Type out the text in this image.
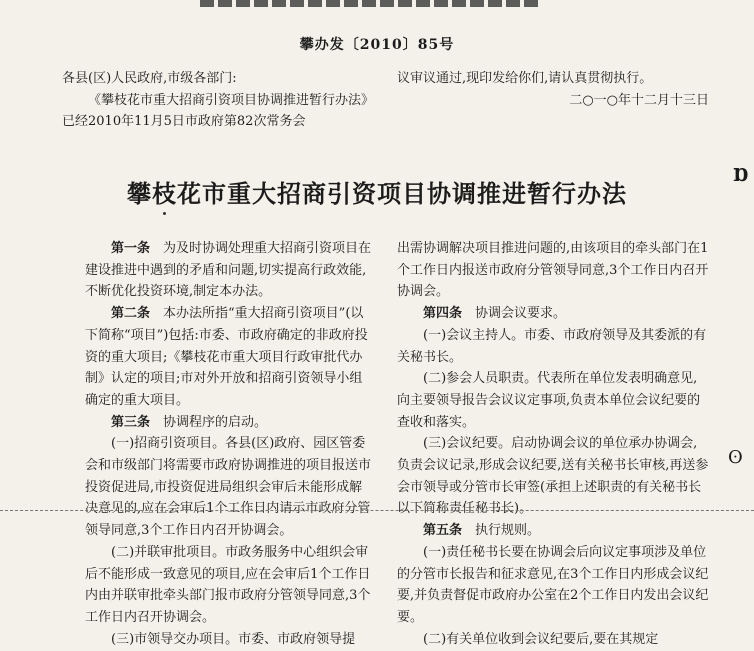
攀办发〔2010〕85号

各县(区)人民政府,市级各部门:

《攀枝花市重大招商引资项目协调推进暂行办法》已经2010年11月5日市政府第82次常务会

议审议通过,现印发给你们,请认真贯彻执行。

二○一○年十二月十三日

攀枝花市重大招商引资项目协调推进暂行办法

第一条　 为及时协调处理重大招商引资项目在建设推进中遇到的矛盾和问题,切实提高行政效能,不断优化投资环境,制定本办法。

第二条　 本办法所指“重大招商引资项目”(以下简称“项目”)包括:市委、市政府确定的非政府投资的重大项目;《攀枝花市重大项目行政审批代办制》认定的项目;市对外开放和招商引资领导小组确定的重大项目。

第三条　 协调程序的启动。

(一)招商引资项目。各县(区)政府、园区管委会和市级部门将需要市政府协调推进的项目报送市投资促进局,市投资促进局组织会审后未能形成解决意见的,应在会审后1个工作日内请示市政府分管领导同意,3个工作日内召开协调会。

(二)并联审批项目。市政务服务中心组织会审后不能形成一致意见的项目,应在会审后1个工作日内由并联审批牵头部门报市政府分管领导同意,3个工作日内召开协调会。

(三)市领导交办项目。市委、市政府领导提

出需协调解决项目推进问题的,由该项目的牵头部门在1个工作日内报送市政府分管领导同意,3个工作日内召开协调会。

第四条　 协调会议要求。

(一)会议主持人。市委、市政府领导及其委派的有关秘书长。

(二)参会人员职责。代表所在单位发表明确意见,向主要领导报告会议议定事项,负责本单位会议纪要的查收和落实。

(三)会议纪要。启动协调会议的单位承办协调会,负责会议记录,形成会议纪要,送有关秘书长审核,再送参会市领导或分管市长审签(承担上述职责的有关秘书长以下简称责任秘书长)。

第五条　 执行规则。

(一)责任秘书长要在协调会后向议定事项涉及单位的分管市长报告和征求意见,在3个工作日内形成会议纪要,并负责督促市政府办公室在2个工作日内发出会议纪要。

(二)有关单位收到会议纪要后,要在其规定

Ɒ
ʘ
